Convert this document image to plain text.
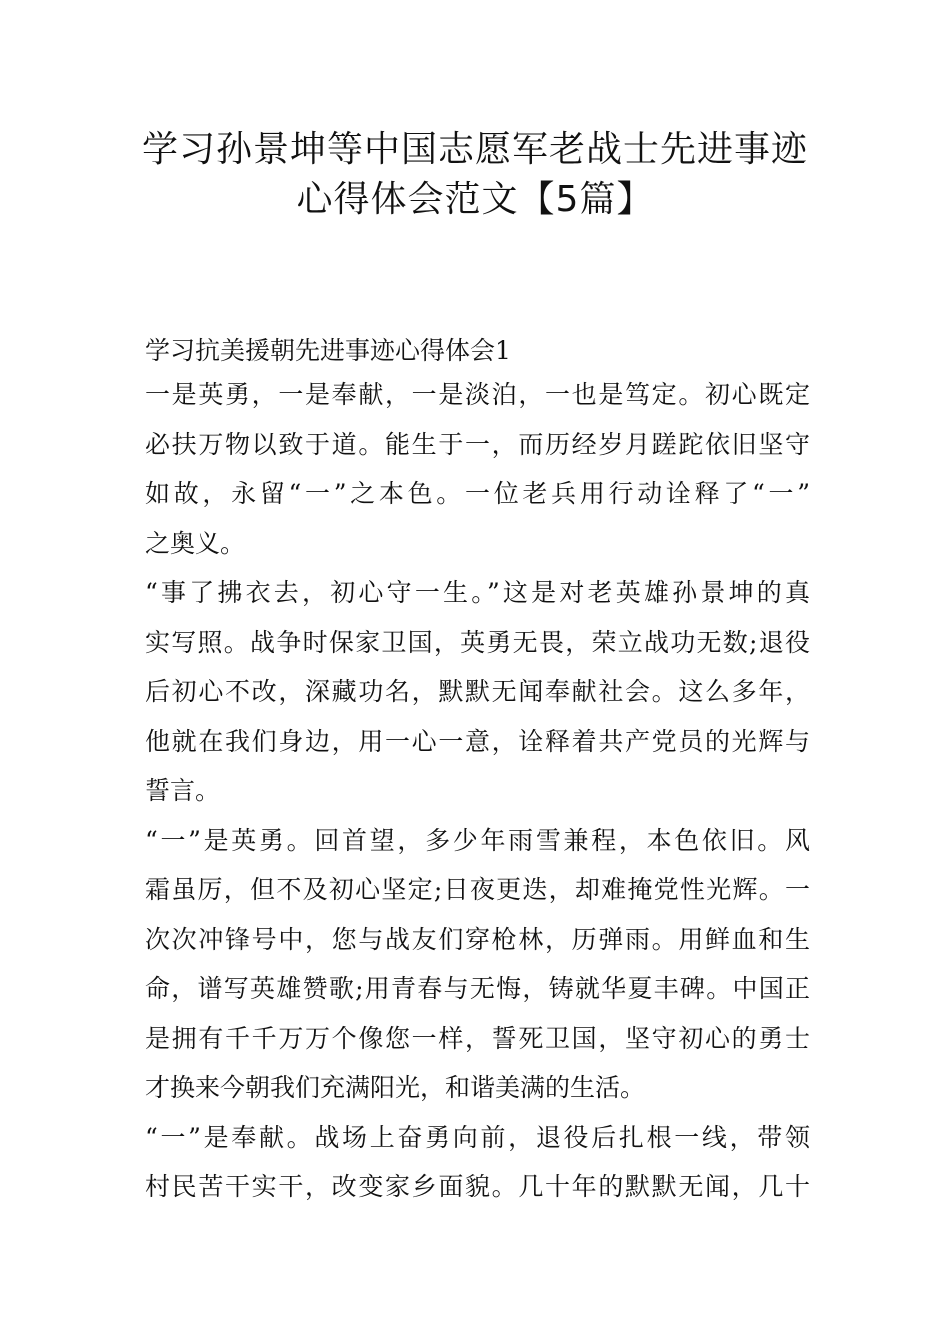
学习孙景坤等中国志愿军老战士先进事迹
心得体会范文【5篇】
学习抗美援朝先进事迹心得体会1
一是英勇，一是奉献，一是淡泊，一也是笃定。初心既定
必扶万物以致于道。能生于一，而历经岁月蹉跎依旧坚守
如故，永留“一”之本色。一位老兵用行动诠释了“一”
之奥义。
“事了拂衣去，初心守一生。”这是对老英雄孙景坤的真
实写照。战争时保家卫国，英勇无畏，荣立战功无数;退役
后初心不改，深藏功名，默默无闻奉献社会。这么多年，
他就在我们身边，用一心一意，诠释着共产党员的光辉与
誓言。
“一”是英勇。回首望，多少年雨雪兼程，本色依旧。风
霜虽厉，但不及初心坚定;日夜更迭，却难掩党性光辉。一
次次冲锋号中，您与战友们穿枪林，历弹雨。用鲜血和生
命，谱写英雄赞歌;用青春与无悔，铸就华夏丰碑。中国正
是拥有千千万万个像您一样，誓死卫国，坚守初心的勇士
才换来今朝我们充满阳光，和谐美满的生活。
“一”是奉献。战场上奋勇向前，退役后扎根一线，带领
村民苦干实干，改变家乡面貌。几十年的默默无闻，几十
